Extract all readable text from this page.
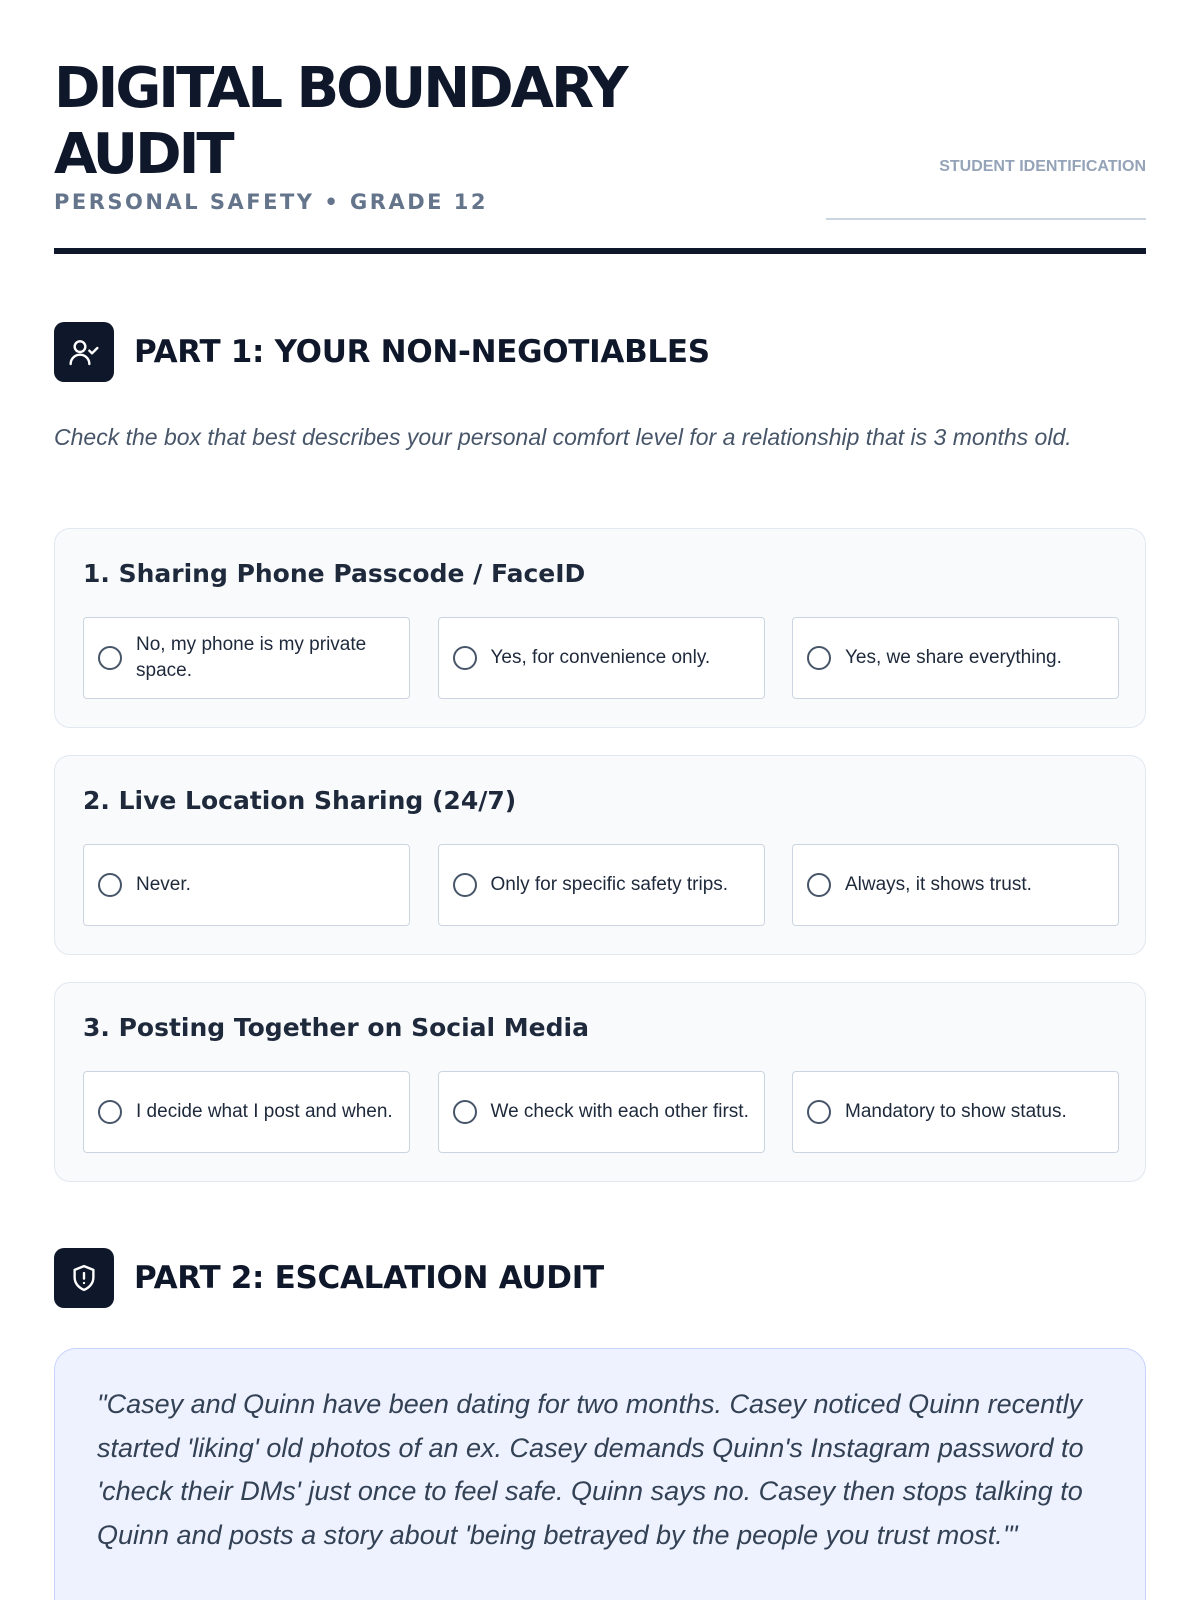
DIGITAL BOUNDARY
AUDIT
PERSONAL SAFETY • GRADE 12
STUDENT IDENTIFICATION
PART 1: YOUR NON-NEGOTIABLES
Check the box that best describes your personal comfort level for a relationship that is 3 months old.
1. Sharing Phone Passcode / FaceID
No, my phone is my private space.
Yes, for convenience only.	Yes, we share everything.
2. Live Location Sharing (24/7)
Never.	Only for specific safety trips.	Always, it shows trust.
3. Posting Together on Social Media
I decide what I post and when.	We check with each other first.	Mandatory to show status.
PART 2: ESCALATION AUDIT
"Casey and Quinn have been dating for two months. Casey noticed Quinn recently started 'liking' old photos of an ex. Casey demands Quinn's Instagram password to 'check their DMs' just once to feel safe. Quinn says no. Casey then stops talking to Quinn and posts a story about 'being betrayed by the people you trust most.'"
